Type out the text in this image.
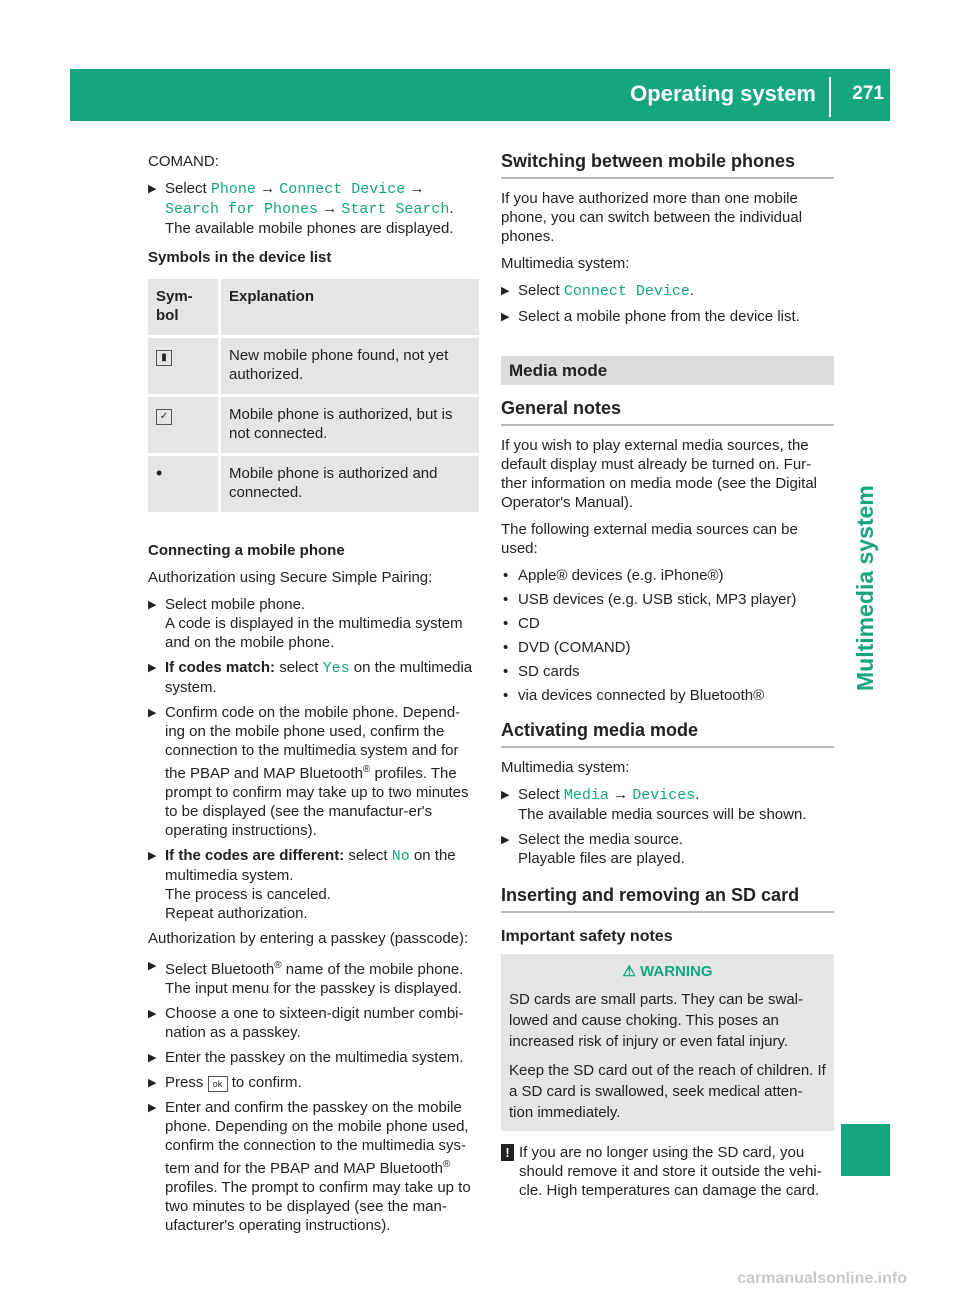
Operating system 271
Multimedia system

COMAND:

▶ Select Phone → Connect Device → Search for Phones → Start Search.
The available mobile phones are displayed.
Symbols in the device list
Sym-bol	Explanation
▮	New mobile phone found, not yet authorized.
✓	Mobile phone is authorized, but is not connected.
•	Mobile phone is authorized and connected.
Connecting a mobile phone

Authorization using Secure Simple Pairing:

▶ Select mobile phone.
A code is displayed in the multimedia system and on the mobile phone.
▶ If codes match: select Yes on the multimedia system.
▶ Confirm code on the mobile phone. Depend-ing on the mobile phone used, confirm the connection to the multimedia system and for the PBAP and MAP Bluetooth® profiles. The prompt to confirm may take up to two minutes to be displayed (see the manufactur-er's operating instructions).
▶ If the codes are different: select No on the multimedia system.
The process is canceled.
Repeat authorization.

Authorization by entering a passkey (passcode):

▶ Select Bluetooth® name of the mobile phone.
The input menu for the passkey is displayed.
▶ Choose a one to sixteen-digit number combi-nation as a passkey.
▶ Enter the passkey on the multimedia system.
▶ Press ok to confirm.
▶ Enter and confirm the passkey on the mobile phone. Depending on the mobile phone used, confirm the connection to the multimedia sys-tem and for the PBAP and MAP Bluetooth® profiles. The prompt to confirm may take up to two minutes to be displayed (see the man-ufacturer's operating instructions).
Switching between mobile phones

If you have authorized more than one mobile phone, you can switch between the individual phones.

Multimedia system:

▶ Select Connect Device.
▶ Select a mobile phone from the device list.
Media mode
General notes

If you wish to play external media sources, the default display must already be turned on. Fur-ther information on media mode (see the Digital Operator's Manual).

The following external media sources can be used:

• Apple® devices (e.g. iPhone®)
• USB devices (e.g. USB stick, MP3 player)
• CD
• DVD (COMAND)
• SD cards
• via devices connected by Bluetooth®
Activating media mode

Multimedia system:

▶ Select Media → Devices.
The available media sources will be shown.
▶ Select the media source.
Playable files are played.
Inserting and removing an SD card
Important safety notes
⚠ WARNING

SD cards are small parts. They can be swal-lowed and cause choking. This poses an increased risk of injury or even fatal injury.

Keep the SD card out of the reach of children. If a SD card is swallowed, seek medical atten-tion immediately.

! If you are no longer using the SD card, you should remove it and store it outside the vehi-cle. High temperatures can damage the card.
carmanualsonline.info
